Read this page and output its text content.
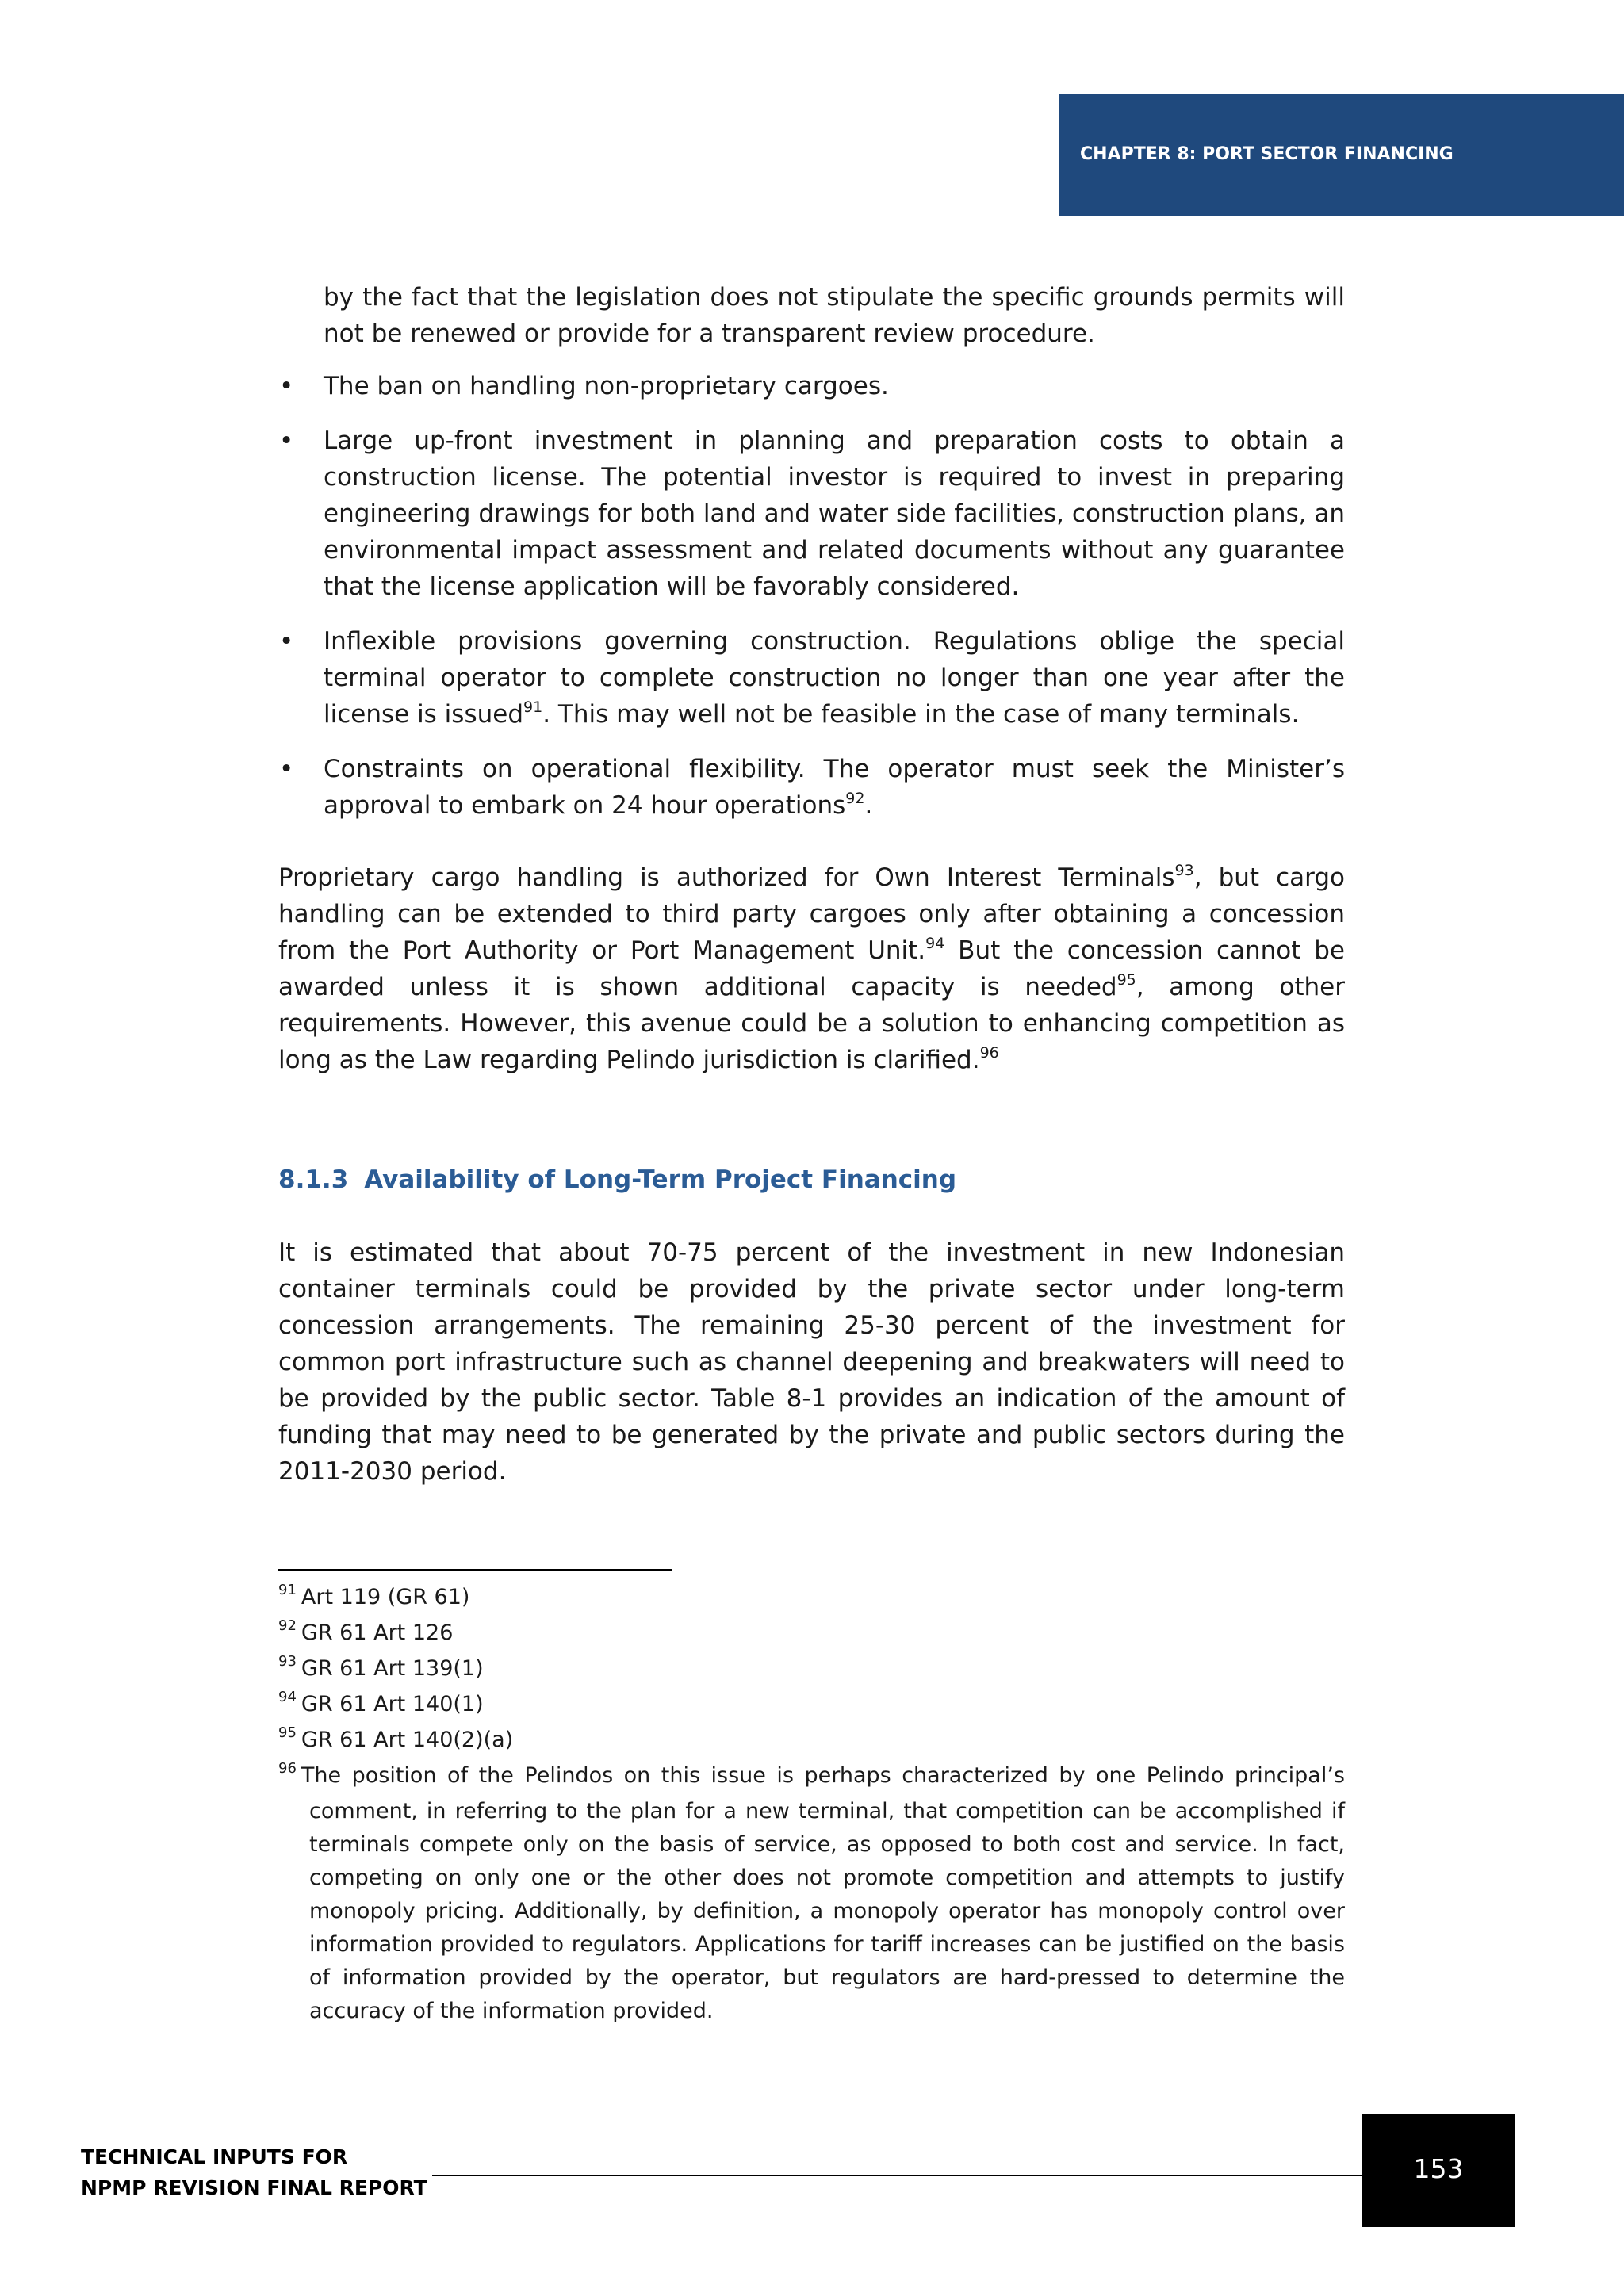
CHAPTER 8: PORT SECTOR FINANCING

by the fact that the legislation does not stipulate the specific grounds permits will not be renewed or provide for a transparent review procedure.

• The ban on handling non-proprietary cargoes.
• Large up-front investment in planning and preparation costs to obtain a construction license. The potential investor is required to invest in preparing engineering drawings for both land and water side facilities, construction plans, an environmental impact assessment and related documents without any guarantee that the license application will be favorably considered.
• Inflexible provisions governing construction. Regulations oblige the special terminal operator to complete construction no longer than one year after the license is issued$^{91}$. This may well not be feasible in the case of many terminals.
• Constraints on operational flexibility. The operator must seek the Minister’s approval to embark on 24 hour operations$^{92}$.

Proprietary cargo handling is authorized for Own Interest Terminals$^{93}$, but cargo handling can be extended to third party cargoes only after obtaining a concession from the Port Authority or Port Management Unit.$^{94}$ But the concession cannot be awarded unless it is shown additional capacity is needed$^{95}$, among other requirements. However, this avenue could be a solution to enhancing competition as long as the Law regarding Pelindo jurisdiction is clarified.$^{96}$

8.1.3 Availability of Long-Term Project Financing

It is estimated that about 70-75 percent of the investment in new Indonesian container terminals could be provided by the private sector under long-term concession arrangements. The remaining 25-30 percent of the investment for common port infrastructure such as channel deepening and breakwaters will need to be provided by the public sector. Table 8-1 provides an indication of the amount of funding that may need to be generated by the private and public sectors during the 2011-2030 period.

$^{91}$ Art 119 (GR 61)
$^{92}$ GR 61 Art 126
$^{93}$ GR 61 Art 139(1)
$^{94}$ GR 61 Art 140(1)
$^{95}$ GR 61 Art 140(2)(a)
$^{96}$ The position of the Pelindos on this issue is perhaps characterized by one Pelindo principal’s comment, in referring to the plan for a new terminal, that competition can be accomplished if terminals compete only on the basis of service, as opposed to both cost and service. In fact, competing on only one or the other does not promote competition and attempts to justify monopoly pricing. Additionally, by definition, a monopoly operator has monopoly control over information provided to regulators. Applications for tariff increases can be justified on the basis of information provided by the operator, but regulators are hard-pressed to determine the accuracy of the information provided.
TECHNICAL INPUTS FOR
NPMP REVISION FINAL REPORT
153
